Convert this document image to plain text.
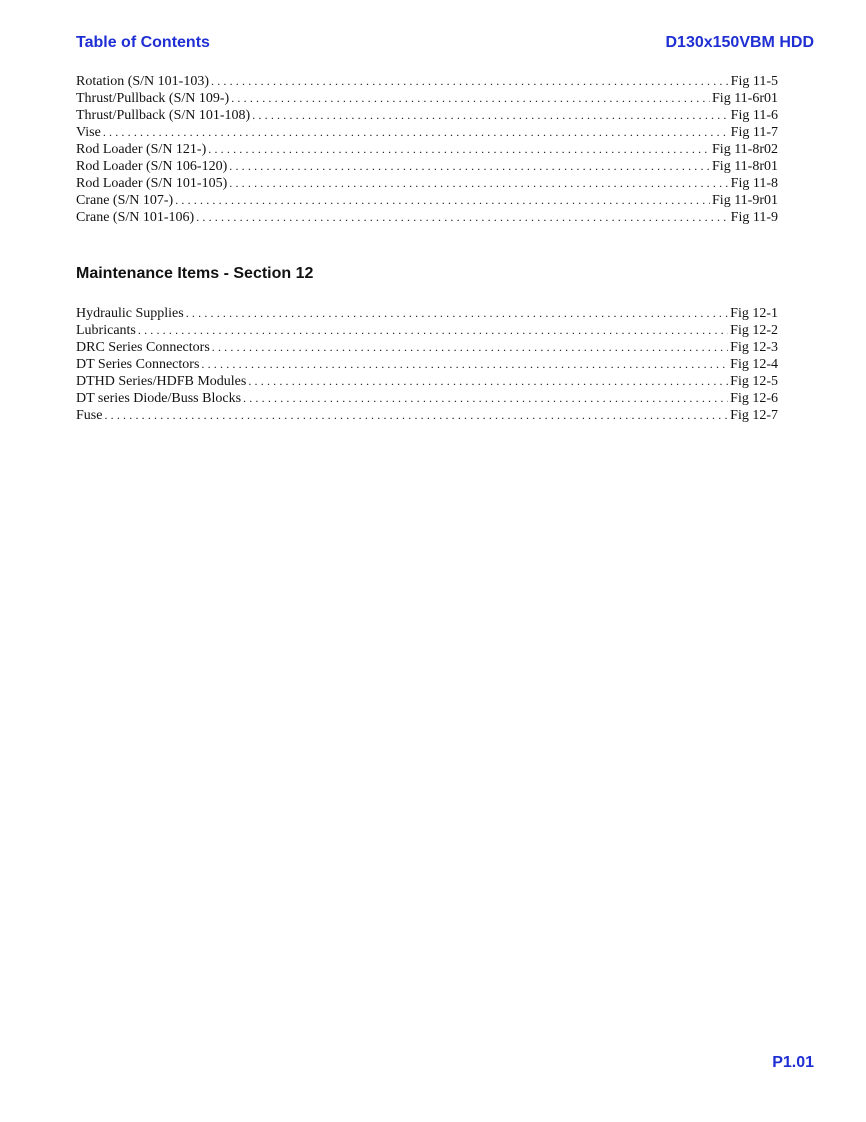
Table of Contents	D130x150VBM HDD
Rotation (S/N 101-103) .....	Fig 11-5
Thrust/Pullback (S/N 109-) .....	Fig 11-6r01
Thrust/Pullback (S/N 101-108) .....	Fig 11-6
Vise .....	Fig 11-7
Rod Loader (S/N 121-) .....	Fig 11-8r02
Rod Loader (S/N 106-120) .....	Fig 11-8r01
Rod Loader (S/N 101-105) .....	Fig 11-8
Crane (S/N 107-) .....	Fig 11-9r01
Crane (S/N 101-106) .....	Fig 11-9
Maintenance Items - Section 12
Hydraulic Supplies .....	Fig 12-1
Lubricants .....	Fig 12-2
DRC Series Connectors .....	Fig 12-3
DT Series Connectors .....	Fig 12-4
DTHD Series/HDFB Modules .....	Fig 12-5
DT series Diode/Buss Blocks .....	Fig 12-6
Fuse .....	Fig 12-7
P1.01
